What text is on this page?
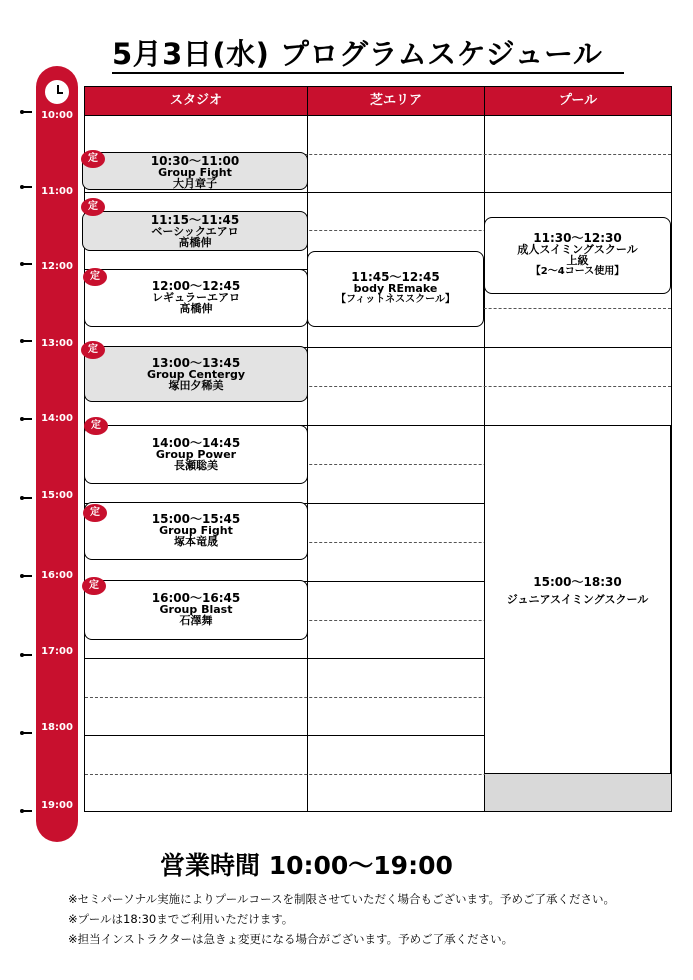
5月3日(水) プログラムスケジュール
10:00
11:00
12:00
13:00
14:00
15:00
16:00
17:00
18:00
19:00
スタジオ	芝エリア	プール
10:30〜11:00
Group Fight
大月章子
定
11:15〜11:45
ベーシックエアロ
髙橋伸
定
12:00〜12:45
レギュラーエアロ
髙橋伸
定
13:00〜13:45
Group Centergy
塚田夕稀美
定
14:00〜14:45
Group Power
長瀬聡美
定
15:00〜15:45
Group Fight
塚本竜晟
定
16:00〜16:45
Group Blast
石澤舞
定
11:45〜12:45
body REmake
【フィットネススクール】
11:30〜12:30
成人スイミングスクール
上級
【2〜4コース使用】
15:00〜18:30
ジュニアスイミングスクール
営業時間 10:00〜19:00
※セミパーソナル実施によりプールコースを制限させていただく場合もございます。予めご了承ください。
※プールは18:30までご利用いただけます。
※担当インストラクターは急きょ変更になる場合がございます。予めご了承ください。
